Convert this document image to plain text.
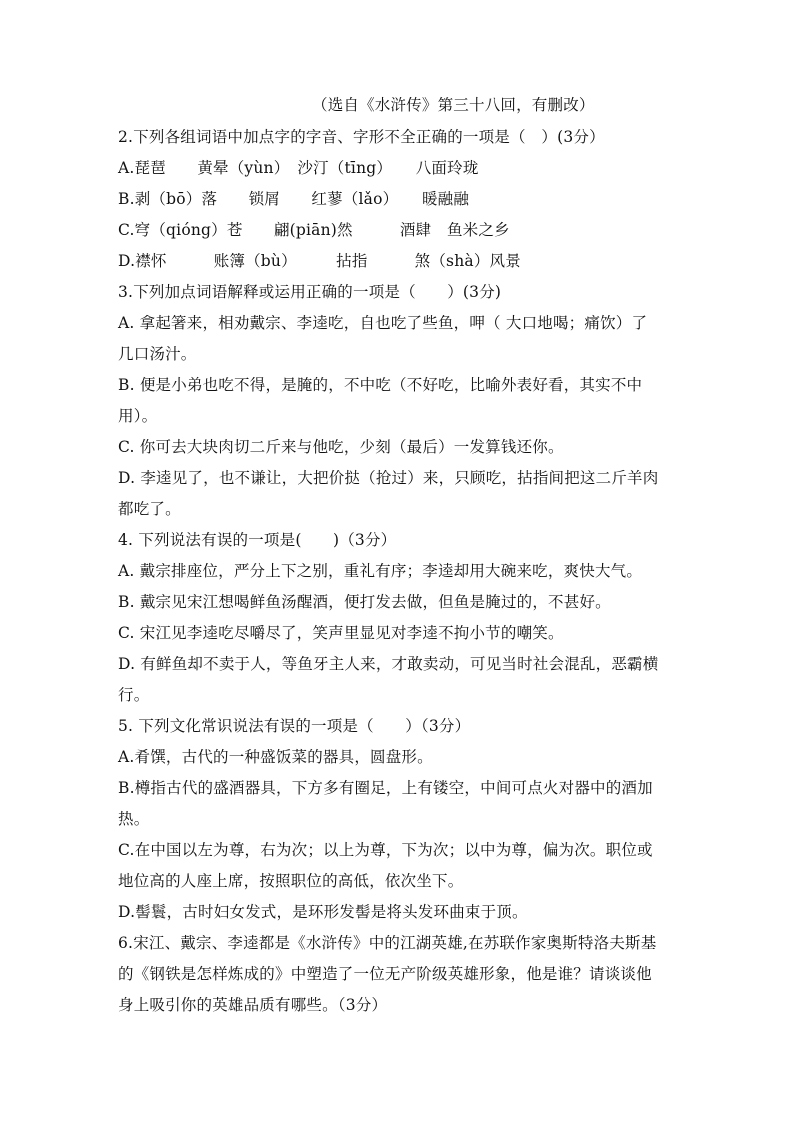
（选自《水浒传》第三十八回，有删改）
2.下列各组词语中加点字的字音、字形不全正确的一项是（　）(3分）
A.琵琶　　黄晕（yùn）　沙汀（tīng）　　八面玲珑
B.剥（bō）落　　锁屑　　红蓼（lǎo）　　暖融融
C.穹（qióng）苍　　翩(piān)然　　　酒肆　鱼米之乡
D.襟怀　　　账簿（bù）　　　拈指　　　煞（shà）风景
3.下列加点词语解释或运用正确的一项是（　　）(3分)
A. 拿起箸来，相劝戴宗、李逵吃，自也吃了些鱼，呷（ 大口地喝；痛饮）了
几口汤汁。
B. 便是小弟也吃不得，是腌的，不中吃（不好吃，比喻外表好看，其实不中
用）。
C. 你可去大块肉切二斤来与他吃，少刻（最后）一发算钱还你。
D. 李逵见了，也不谦让，大把价挞（抢过）来，只顾吃，拈指间把这二斤羊肉
都吃了。
4. 下列说法有误的一项是(　　)（3分）
A. 戴宗排座位，严分上下之别，重礼有序；李逵却用大碗来吃，爽快大气。
B. 戴宗见宋江想喝鲜鱼汤醒酒，便打发去做，但鱼是腌过的，不甚好。
C. 宋江见李逵吃尽嚼尽了，笑声里显见对李逵不拘小节的嘲笑。
D. 有鲜鱼却不卖于人，等鱼牙主人来，才敢卖动，可见当时社会混乱，恶霸横
行。
5. 下列文化常识说法有误的一项是（　　）（3分）
A.肴馔，古代的一种盛饭菜的器具，圆盘形。
B.樽指古代的盛酒器具，下方多有圈足，上有镂空，中间可点火对器中的酒加
热。
C.在中国以左为尊，右为次；以上为尊，下为次；以中为尊，偏为次。职位或
地位高的人座上席，按照职位的高低，依次坐下。
D.髻鬟，古时妇女发式，是环形发髻是将头发环曲束于顶。
6.宋江、戴宗、李逵都是《水浒传》中的江湖英雄,在苏联作家奥斯特洛夫斯基
的《钢铁是怎样炼成的》中塑造了一位无产阶级英雄形象，他是谁？请谈谈他
身上吸引你的英雄品质有哪些。（3分）
